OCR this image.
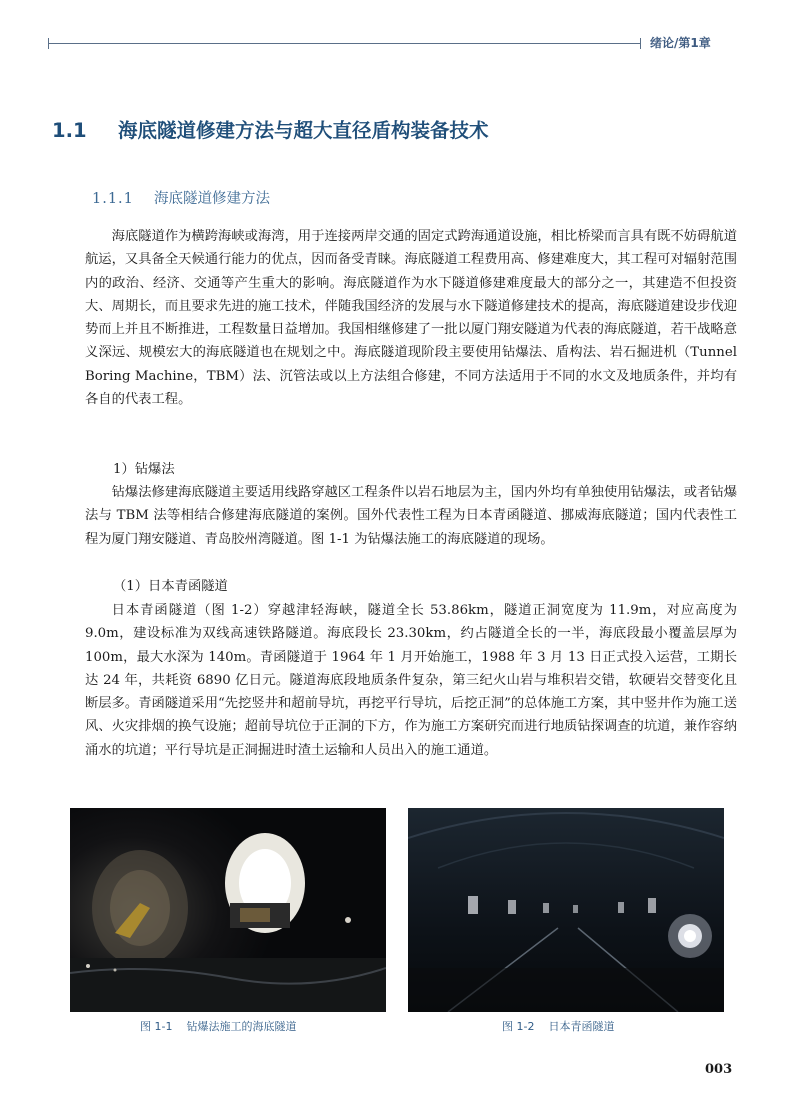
绪论/第1章
1.1 海底隧道修建方法与超大直径盾构装备技术
1.1.1 海底隧道修建方法

海底隧道作为横跨海峡或海湾，用于连接两岸交通的固定式跨海通道设施，相比桥梁而言具有既不妨碍航道航运，又具备全天候通行能力的优点，因而备受青睐。海底隧道工程费用高、修建难度大，其工程可对辐射范围内的政治、经济、交通等产生重大的影响。海底隧道作为水下隧道修建难度最大的部分之一，其建造不但投资大、周期长，而且要求先进的施工技术，伴随我国经济的发展与水下隧道修建技术的提高，海底隧道建设步伐迎势而上并且不断推进，工程数量日益增加。我国相继修建了一批以厦门翔安隧道为代表的海底隧道，若干战略意义深远、规模宏大的海底隧道也在规划之中。海底隧道现阶段主要使用钻爆法、盾构法、岩石掘进机（Tunnel Boring Machine，TBM）法、沉管法或以上方法组合修建，不同方法适用于不同的水文及地质条件，并均有各自的代表工程。

1）钻爆法

钻爆法修建海底隧道主要适用线路穿越区工程条件以岩石地层为主，国内外均有单独使用钻爆法，或者钻爆法与 TBM 法等相结合修建海底隧道的案例。国外代表性工程为日本青函隧道、挪威海底隧道；国内代表性工程为厦门翔安隧道、青岛胶州湾隧道。图 1-1 为钻爆法施工的海底隧道的现场。

（1）日本青函隧道

日本青函隧道（图 1-2）穿越津轻海峡，隧道全长 53.86km，隧道正洞宽度为 11.9m，对应高度为 9.0m，建设标准为双线高速铁路隧道。海底段长 23.30km，约占隧道全长的一半，海底段最小覆盖层厚为 100m，最大水深为 140m。青函隧道于 1964 年 1 月开始施工，1988 年 3 月 13 日正式投入运营，工期长达 24 年，共耗资 6890 亿日元。隧道海底段地质条件复杂，第三纪火山岩与堆积岩交错，软硬岩交替变化且断层多。青函隧道采用“先挖竖井和超前导坑，再挖平行导坑，后挖正洞”的总体施工方案，其中竖井作为施工送风、火灾排烟的换气设施；超前导坑位于正洞的下方，作为施工方案研究而进行地质钻探调查的坑道，兼作容纳涌水的坑道；平行导坑是正洞掘进时渣土运输和人员出入的施工通道。

图 1-1 钻爆法施工的海底隧道	图 1-2 日本青函隧道
003
